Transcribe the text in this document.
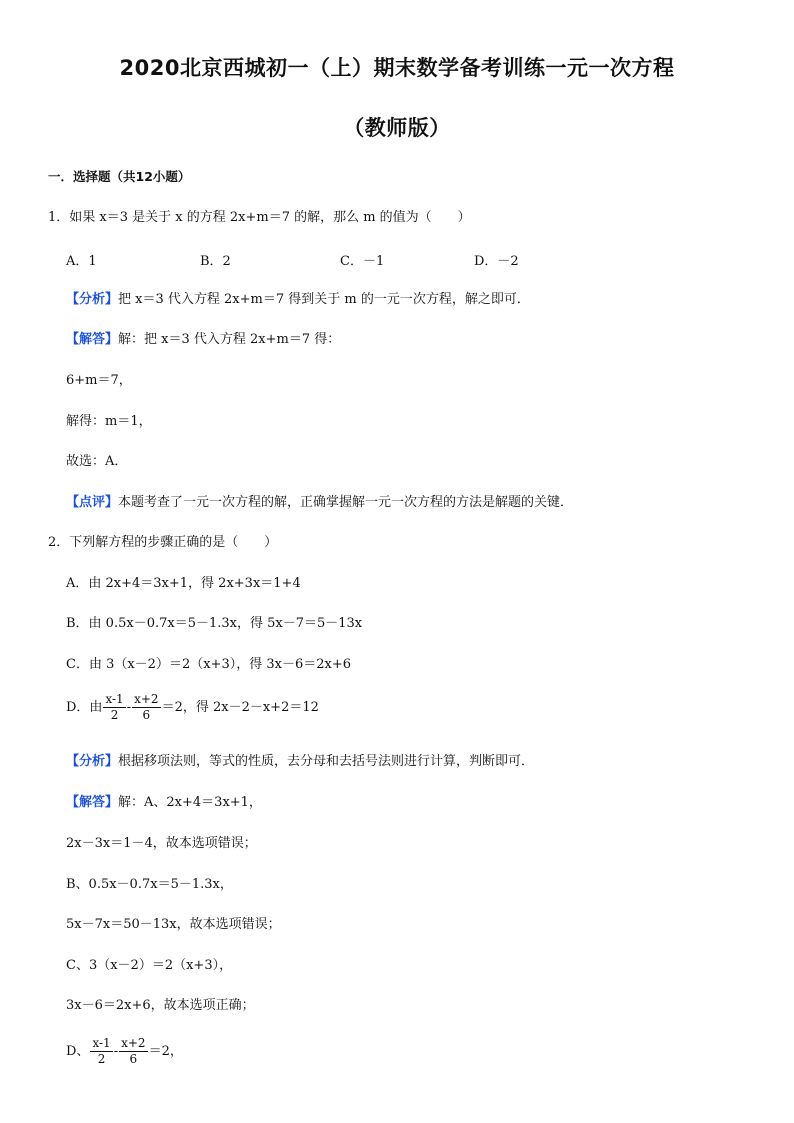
2020北京西城初一（上）期末数学备考训练一元一次方程
（教师版）
一．选择题（共12小题）
1．如果 x＝3 是关于 x 的方程 2x+m＝7 的解，那么 m 的值为（　　）
A．1	B．2	C．－1	D．－2
【分析】把 x＝3 代入方程 2x+m＝7 得到关于 m 的一元一次方程，解之即可．
【解答】解：把 x＝3 代入方程 2x+m＝7 得：
6+m＝7，
解得：m＝1，
故选：A．
【点评】本题考查了一元一次方程的解，正确掌握解一元一次方程的方法是解题的关键．
2．下列解方程的步骤正确的是（　　）
A．由 2x+4＝3x+1，得 2x+3x＝1+4
B．由 0.5x－0.7x＝5－1.3x，得 5x－7＝5－13x
C．由 3（x－2）＝2（x+3），得 3x－6＝2x+6
D．由 $\frac{x-1}{2} - \frac{x+2}{6} =2$，得 2x－2－x+2＝12
【分析】根据移项法则，等式的性质，去分母和去括号法则进行计算，判断即可．
【解答】解：A、2x+4＝3x+1，
2x－3x＝1－4，故本选项错误；
B、0.5x－0.7x＝5－1.3x，
5x－7x＝50－13x，故本选项错误；
C、3（x－2）＝2（x+3），
3x－6＝2x+6，故本选项正确；
D、 $\frac{x-1}{2} - \frac{x+2}{6} =2$，
